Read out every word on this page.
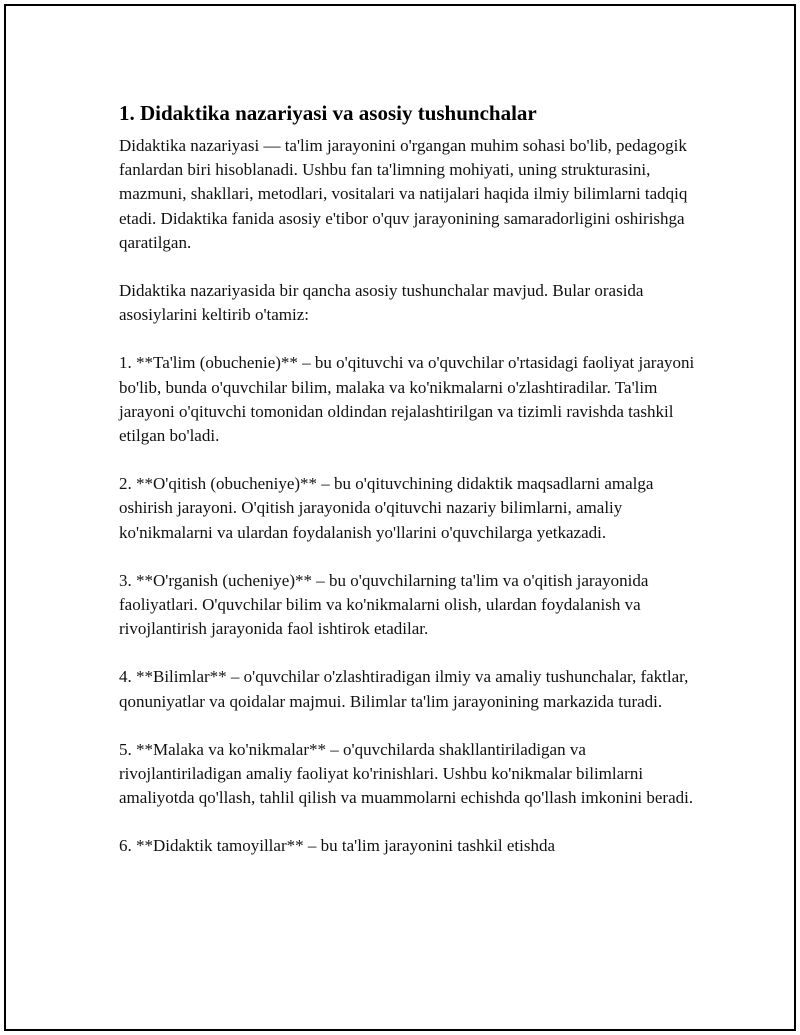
1. Didaktika nazariyasi va asosiy tushunchalar

Didaktika nazariyasi — ta'lim jarayonini o'rgangan muhim sohasi bo'lib, pedagogik fanlardan biri hisoblanadi. Ushbu fan ta'limning mohiyati, uning strukturasini, mazmuni, shakllari, metodlari, vositalari va natijalari haqida ilmiy bilimlarni tadqiq etadi. Didaktika fanida asosiy e'tibor o'quv jarayonining samaradorligini oshirishga qaratilgan.

Didaktika nazariyasida bir qancha asosiy tushunchalar mavjud. Bular orasida asosiylarini keltirib o'tamiz:

1. **Ta'lim (obuchenie)** – bu o'qituvchi va o'quvchilar o'rtasidagi faoliyat jarayoni bo'lib, bunda o'quvchilar bilim, malaka va ko'nikmalarni o'zlashtiradilar. Ta'lim jarayoni o'qituvchi tomonidan oldindan rejalashtirilgan va tizimli ravishda tashkil etilgan bo'ladi.

2. **O'qitish (obucheniye)** – bu o'qituvchining didaktik maqsadlarni amalga oshirish jarayoni. O'qitish jarayonida o'qituvchi nazariy bilimlarni, amaliy ko'nikmalarni va ulardan foydalanish yo'llarini o'quvchilarga yetkazadi.

3. **O'rganish (ucheniye)** – bu o'quvchilarning ta'lim va o'qitish jarayonida faoliyatlari. O'quvchilar bilim va ko'nikmalarni olish, ulardan foydalanish va rivojlantirish jarayonida faol ishtirok etadilar.

4. **Bilimlar** – o'quvchilar o'zlashtiradigan ilmiy va amaliy tushunchalar, faktlar, qonuniyatlar va qoidalar majmui. Bilimlar ta'lim jarayonining markazida turadi.

5. **Malaka va ko'nikmalar** – o'quvchilarda shakllantiriladigan va rivojlantiriladigan amaliy faoliyat ko'rinishlari. Ushbu ko'nikmalar bilimlarni amaliyotda qo'llash, tahlil qilish va muammolarni echishda qo'llash imkonini beradi.

6. **Didaktik tamoyillar** – bu ta'lim jarayonini tashkil etishda
